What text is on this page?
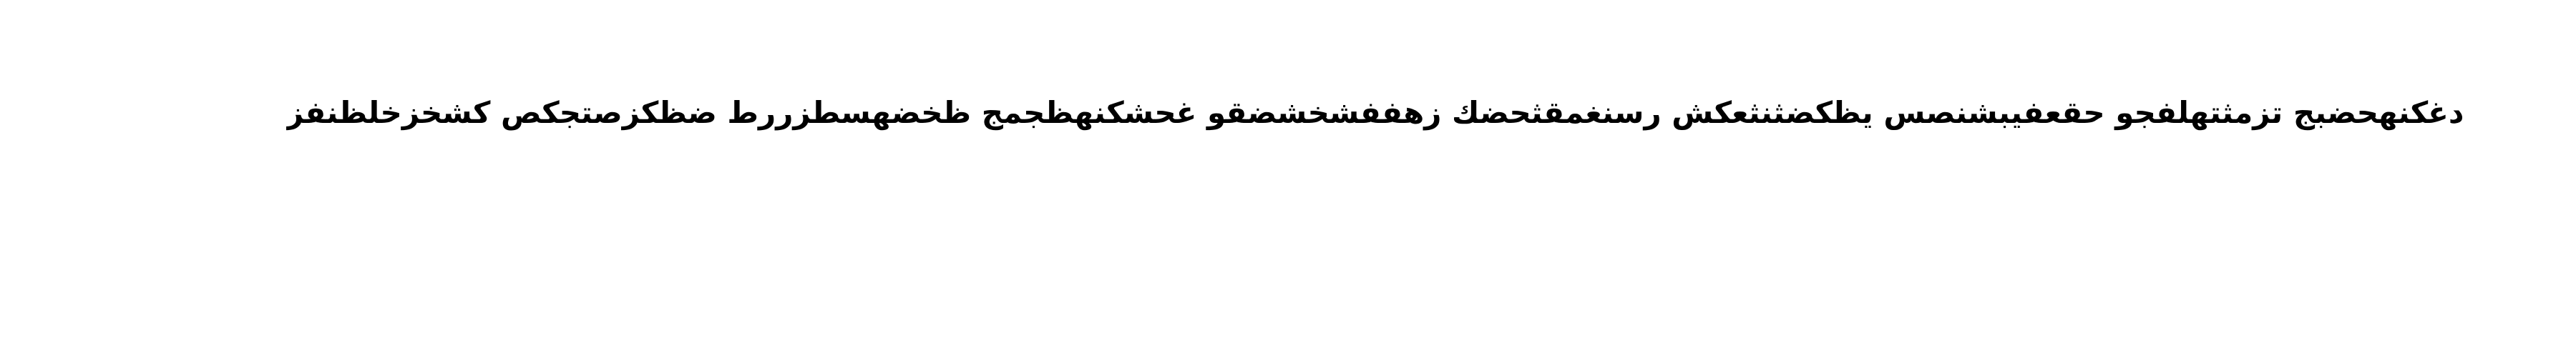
دغكنهحضبج تزمثتهلفجو حقعفيبشنصس يظكضثنثعكش رسنغمقثحضك زهففشخشضقو غحشكنهظجمج ظخضهسطزررط ضظكزصتجكص كشخزخلظنفز
